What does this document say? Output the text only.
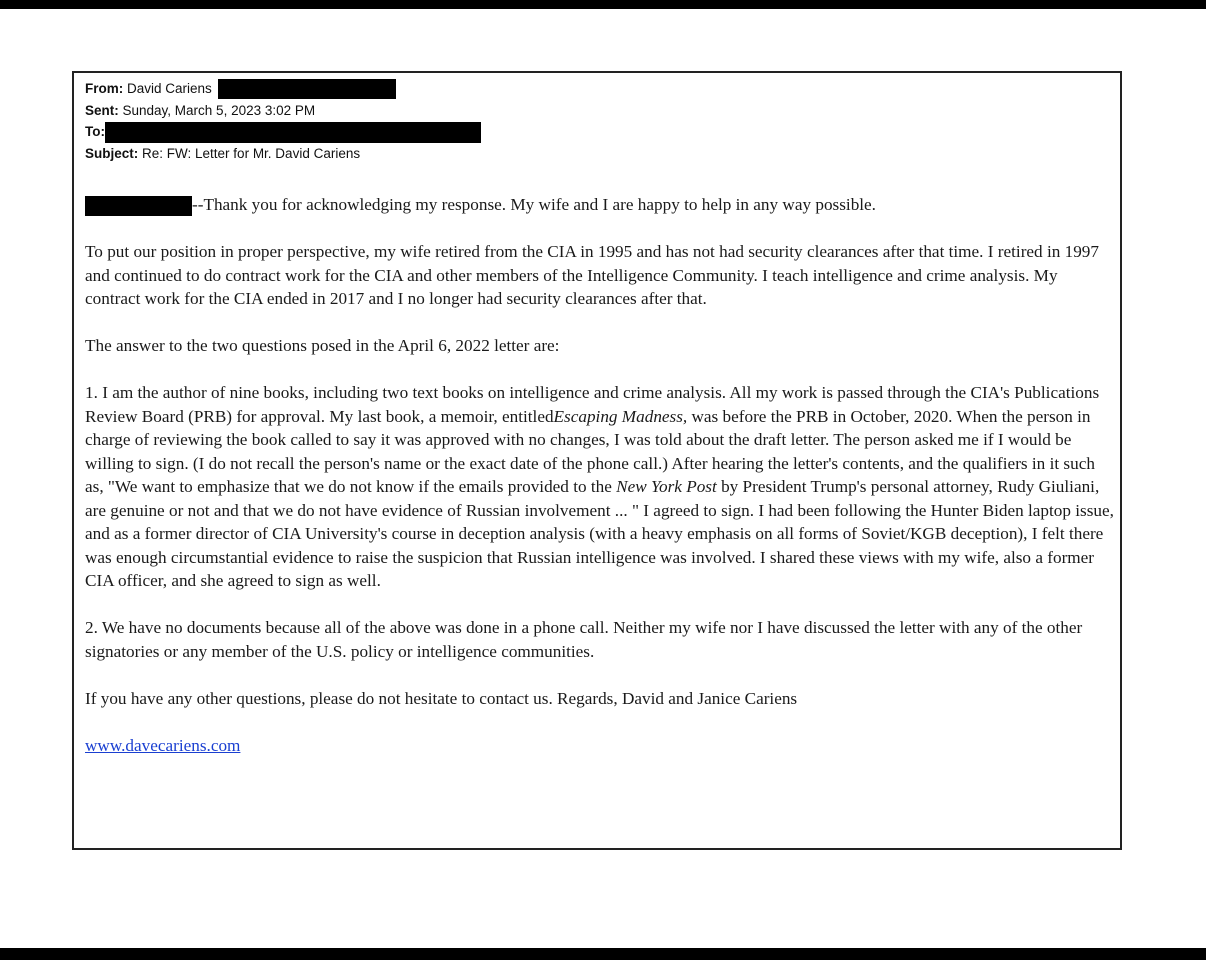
From: David Cariens
Sent: Sunday, March 5, 2023 3:02 PM
To:
Subject: Re: FW: Letter for Mr. David Cariens

--Thank you for acknowledging my response. My wife and I are happy to help in any way possible.

To put our position in proper perspective, my wife retired from the CIA in 1995 and has not had security clearances after that time. I retired in 1997 and continued to do contract work for the CIA and other members of the Intelligence Community. I teach intelligence and crime analysis. My contract work for the CIA ended in 2017 and I no longer had security clearances after that.

The answer to the two questions posed in the April 6, 2022 letter are:

1. I am the author of nine books, including two text books on intelligence and crime analysis. All my work is passed through the CIA's Publications Review Board (PRB) for approval. My last book, a memoir, entitledEscaping Madness, was before the PRB in October, 2020. When the person in charge of reviewing the book called to say it was approved with no changes, I was told about the draft letter. The person asked me if I would be willing to sign. (I do not recall the person's name or the exact date of the phone call.) After hearing the letter's contents, and the qualifiers in it such as, "We want to emphasize that we do not know if the emails provided to the New York Post by President Trump's personal attorney, Rudy Giuliani, are genuine or not and that we do not have evidence of Russian involvement ... " I agreed to sign. I had been following the Hunter Biden laptop issue, and as a former director of CIA University's course in deception analysis (with a heavy emphasis on all forms of Soviet/KGB deception), I felt there was enough circumstantial evidence to raise the suspicion that Russian intelligence was involved. I shared these views with my wife, also a former CIA officer, and she agreed to sign as well.

2. We have no documents because all of the above was done in a phone call. Neither my wife nor I have discussed the letter with any of the other signatories or any member of the U.S. policy or intelligence communities.

If you have any other questions, please do not hesitate to contact us. Regards, David and Janice Cariens

www.davecariens.com
